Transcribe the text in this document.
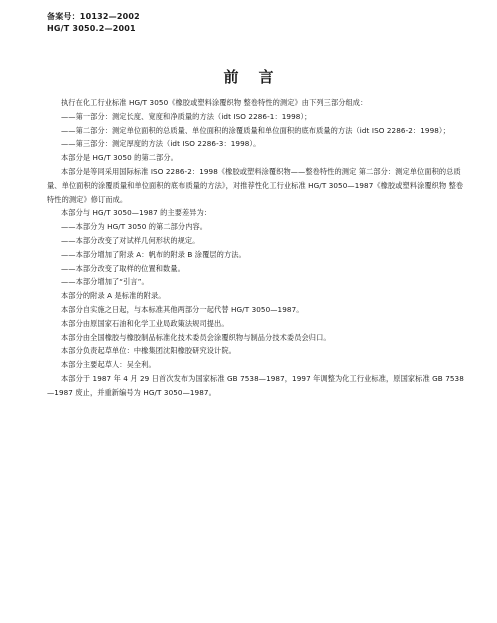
备案号：10132—2002
HG/T 3050.2—2001
前言

执行在化工行业标准 HG/T 3050《橡胶或塑料涂覆织物 整卷特性的测定》由下列三部分组成：

——第一部分：测定长度、宽度和净质量的方法（idt ISO 2286-1：1998）；

——第二部分：测定单位面积的总质量、单位面积的涂覆质量和单位面积的底布质量的方法（idt ISO 2286-2：1998）；

——第三部分：测定厚度的方法（idt ISO 2286-3：1998）。

本部分是 HG/T 3050 的第二部分。

本部分是等同采用国际标准 ISO 2286-2：1998《橡胶或塑料涂覆织物——整卷特性的测定 第二部分：测定单位面积的总质量、单位面积的涂覆质量和单位面积的底布质量的方法》，对推荐性化工行业标准 HG/T 3050—1987《橡胶或塑料涂覆织物 整卷特性的测定》修订而成。

本部分与 HG/T 3050—1987 的主要差异为：

——本部分为 HG/T 3050 的第二部分内容。

——本部分改变了对试样几何形状的规定。

——本部分增加了附录 A：帆布的附录 B 涂覆层的方法。

——本部分改变了取样的位置和数量。

——本部分增加了“引言”。

本部分的附录 A 是标准的附录。

本部分自实施之日起，与本标准其他两部分一起代替 HG/T 3050—1987。

本部分由原国家石油和化学工业局政策法规司提出。

本部分由全国橡胶与橡胶制品标准化技术委员会涂覆织物与制品分技术委员会归口。

本部分负责起草单位：中橡集团沈阳橡胶研究设计院。

本部分主要起草人：吴全利。

本部分于 1987 年 4 月 29 日首次发布为国家标准 GB 7538—1987，1997 年调整为化工行业标准，原国家标准 GB 7538—1987 废止，并重新编号为 HG/T 3050—1987。
